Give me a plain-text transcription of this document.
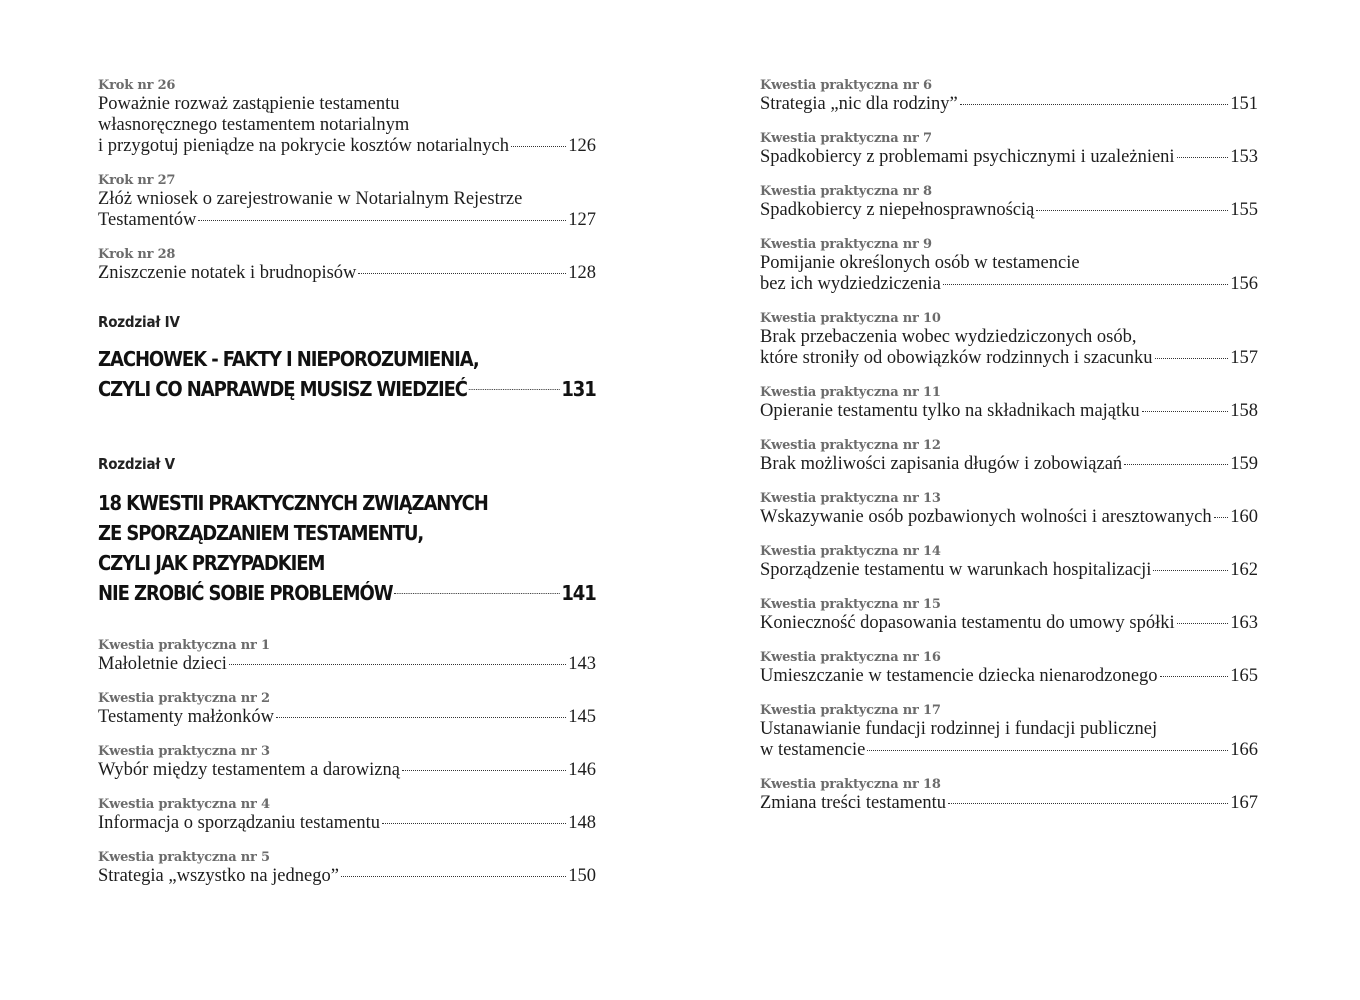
Krok nr 26
Poważnie rozważ zastąpienie testamentu
własnoręcznego testamentem notarialnym
i przygotuj pieniądze na pokrycie kosztów notarialnych	126
Krok nr 27
Złóż wniosek o zarejestrowanie w Notarialnym Rejestrze
Testamentów	127
Krok nr 28
Zniszczenie notatek i brudnopisów	128
Rozdział IV
ZACHOWEK - FAKTY I NIEPOROZUMIENIA,
CZYLI CO NAPRAWDĘ MUSISZ WIEDZIEĆ	131
Rozdział V
18 KWESTII PRAKTYCZNYCH ZWIĄZANYCH
ZE SPORZĄDZANIEM TESTAMENTU,
CZYLI JAK PRZYPADKIEM
NIE ZROBIĆ SOBIE PROBLEMÓW	141
Kwestia praktyczna nr 1
Małoletnie dzieci	143
Kwestia praktyczna nr 2
Testamenty małżonków	145
Kwestia praktyczna nr 3
Wybór między testamentem a darowizną	146
Kwestia praktyczna nr 4
Informacja o sporządzaniu testamentu	148
Kwestia praktyczna nr 5
Strategia „wszystko na jednego”	150
Kwestia praktyczna nr 6
Strategia „nic dla rodziny”	151
Kwestia praktyczna nr 7
Spadkobiercy z problemami psychicznymi i uzależnieni	153
Kwestia praktyczna nr 8
Spadkobiercy z niepełnosprawnością	155
Kwestia praktyczna nr 9
Pomijanie określonych osób w testamencie
bez ich wydziedziczenia	156
Kwestia praktyczna nr 10
Brak przebaczenia wobec wydziedziczonych osób,
które stroniły od obowiązków rodzinnych i szacunku	157
Kwestia praktyczna nr 11
Opieranie testamentu tylko na składnikach majątku	158
Kwestia praktyczna nr 12
Brak możliwości zapisania długów i zobowiązań	159
Kwestia praktyczna nr 13
Wskazywanie osób pozbawionych wolności i aresztowanych 160
Kwestia praktyczna nr 14
Sporządzenie testamentu w warunkach hospitalizacji	162
Kwestia praktyczna nr 15
Konieczność dopasowania testamentu do umowy spółki	163
Kwestia praktyczna nr 16
Umieszczanie w testamencie dziecka nienarodzonego	165
Kwestia praktyczna nr 17
Ustanawianie fundacji rodzinnej i fundacji publicznej
w testamencie	166
Kwestia praktyczna nr 18
Zmiana treści testamentu	167
